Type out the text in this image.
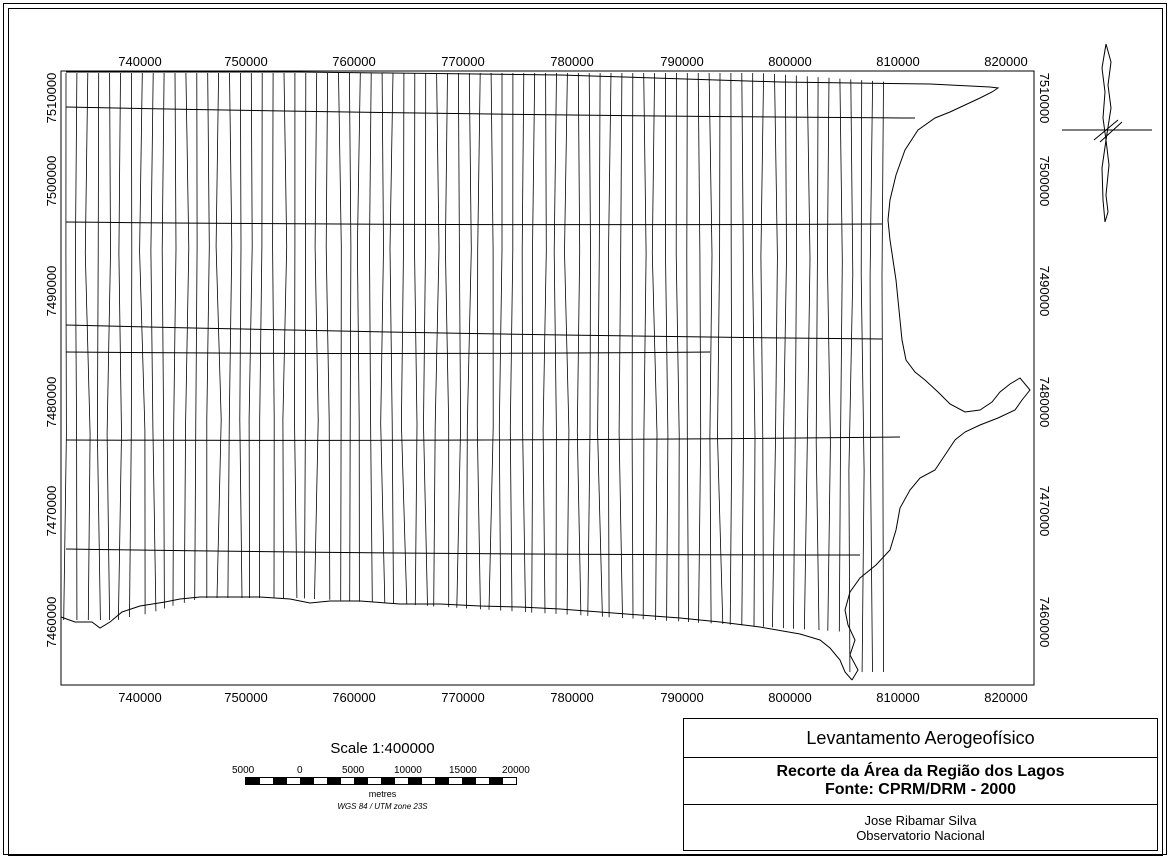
740000	750000	760000	770000	780000	790000	800000	810000	820000
740000	750000	760000	770000	780000	790000	800000	810000	820000
7510000
7500000
7490000
7480000
7470000
7460000
7510000
7500000
7490000
7480000
7470000
7460000
Scale 1:400000
5000	0	5000	10000	15000	20000
metres
WGS 84 / UTM zone 23S
Levantamento Aerogeofísico
Recorte da Área da Região dos Lagos
Fonte: CPRM/DRM - 2000
Jose Ribamar Silva
Observatorio Nacional
